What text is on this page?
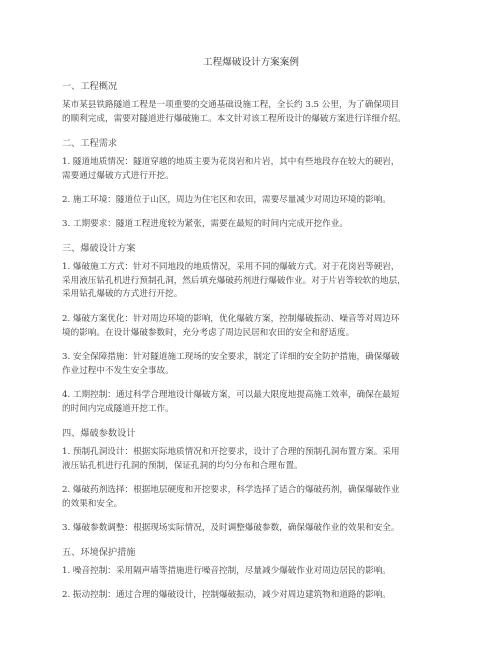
工程爆破设计方案案例
一、工程概况
某市某县铁路隧道工程是一项重要的交通基础设施工程，全长约 3.5 公里，为了确保项目
的顺利完成，需要对隧道进行爆破施工。本文针对该工程所设计的爆破方案进行详细介绍。
二、工程需求
1. 隧道地质情况：隧道穿越的地质主要为花岗岩和片岩，其中有些地段存在较大的硬岩，
需要通过爆破方式进行开挖。
2. 施工环境：隧道位于山区，周边为住宅区和农田，需要尽量减少对周边环境的影响。
3. 工期要求：隧道工程进度较为紧张，需要在最短的时间内完成开挖作业。
三、爆破设计方案
1. 爆破施工方式：针对不同地段的地质情况，采用不同的爆破方式。对于花岗岩等硬岩，
采用液压钻孔机进行预制孔洞，然后填充爆破药剂进行爆破作业。对于片岩等较软的地层，
采用钻孔爆破的方式进行开挖。
2. 爆破方案优化：针对周边环境的影响，优化爆破方案，控制爆破振动、噪音等对周边环
境的影响。在设计爆破参数时，充分考虑了周边民居和农田的安全和舒适度。
3. 安全保障措施：针对隧道施工现场的安全要求，制定了详细的安全防护措施，确保爆破
作业过程中不发生安全事故。
4. 工期控制：通过科学合理地设计爆破方案，可以最大限度地提高施工效率，确保在最短
的时间内完成隧道开挖工作。
四、爆破参数设计
1. 预制孔洞设计：根据实际地质情况和开挖要求，设计了合理的预制孔洞布置方案。采用
液压钻孔机进行孔洞的预制，保证孔洞的均匀分布和合理布置。
2. 爆破药剂选择：根据地层硬度和开挖要求，科学选择了适合的爆破药剂，确保爆破作业
的效果和安全。
3. 爆破参数调整：根据现场实际情况，及时调整爆破参数，确保爆破作业的效果和安全。
五、环境保护措施
1. 噪音控制：采用隔声墙等措施进行噪音控制，尽量减少爆破作业对周边居民的影响。
2. 振动控制：通过合理的爆破设计，控制爆破振动，减少对周边建筑物和道路的影响。
